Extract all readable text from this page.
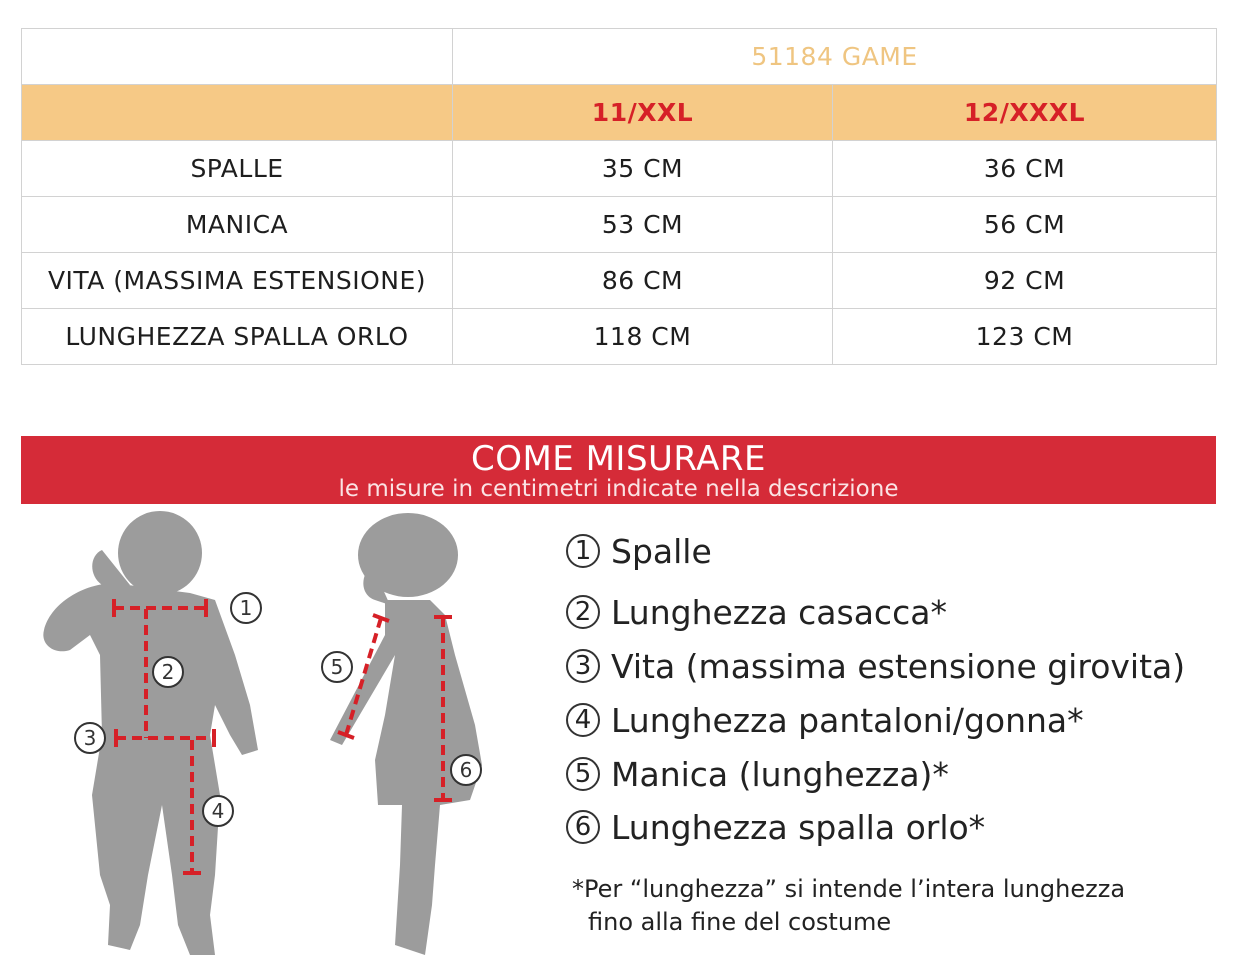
	51184 GAME	
	11/XXL	12/XXXL
SPALLE	35 CM	36 CM
MANICA	53 CM	56 CM
VITA (MASSIMA ESTENSIONE)	86 CM	92 CM
LUNGHEZZA SPALLA ORLO	118 CM	123 CM
COME MISURARE
le misure in centimetri indicate nella descrizione
1
2
3
4
5
6
1 Spalle
2 Lunghezza casacca*
3 Vita (massima estensione girovita)
4 Lunghezza pantaloni/gonna*
5 Manica (lunghezza)*
6 Lunghezza spalla orlo*
*Per “lunghezza” si intende l’intera lunghezza
fino alla fine del costume
